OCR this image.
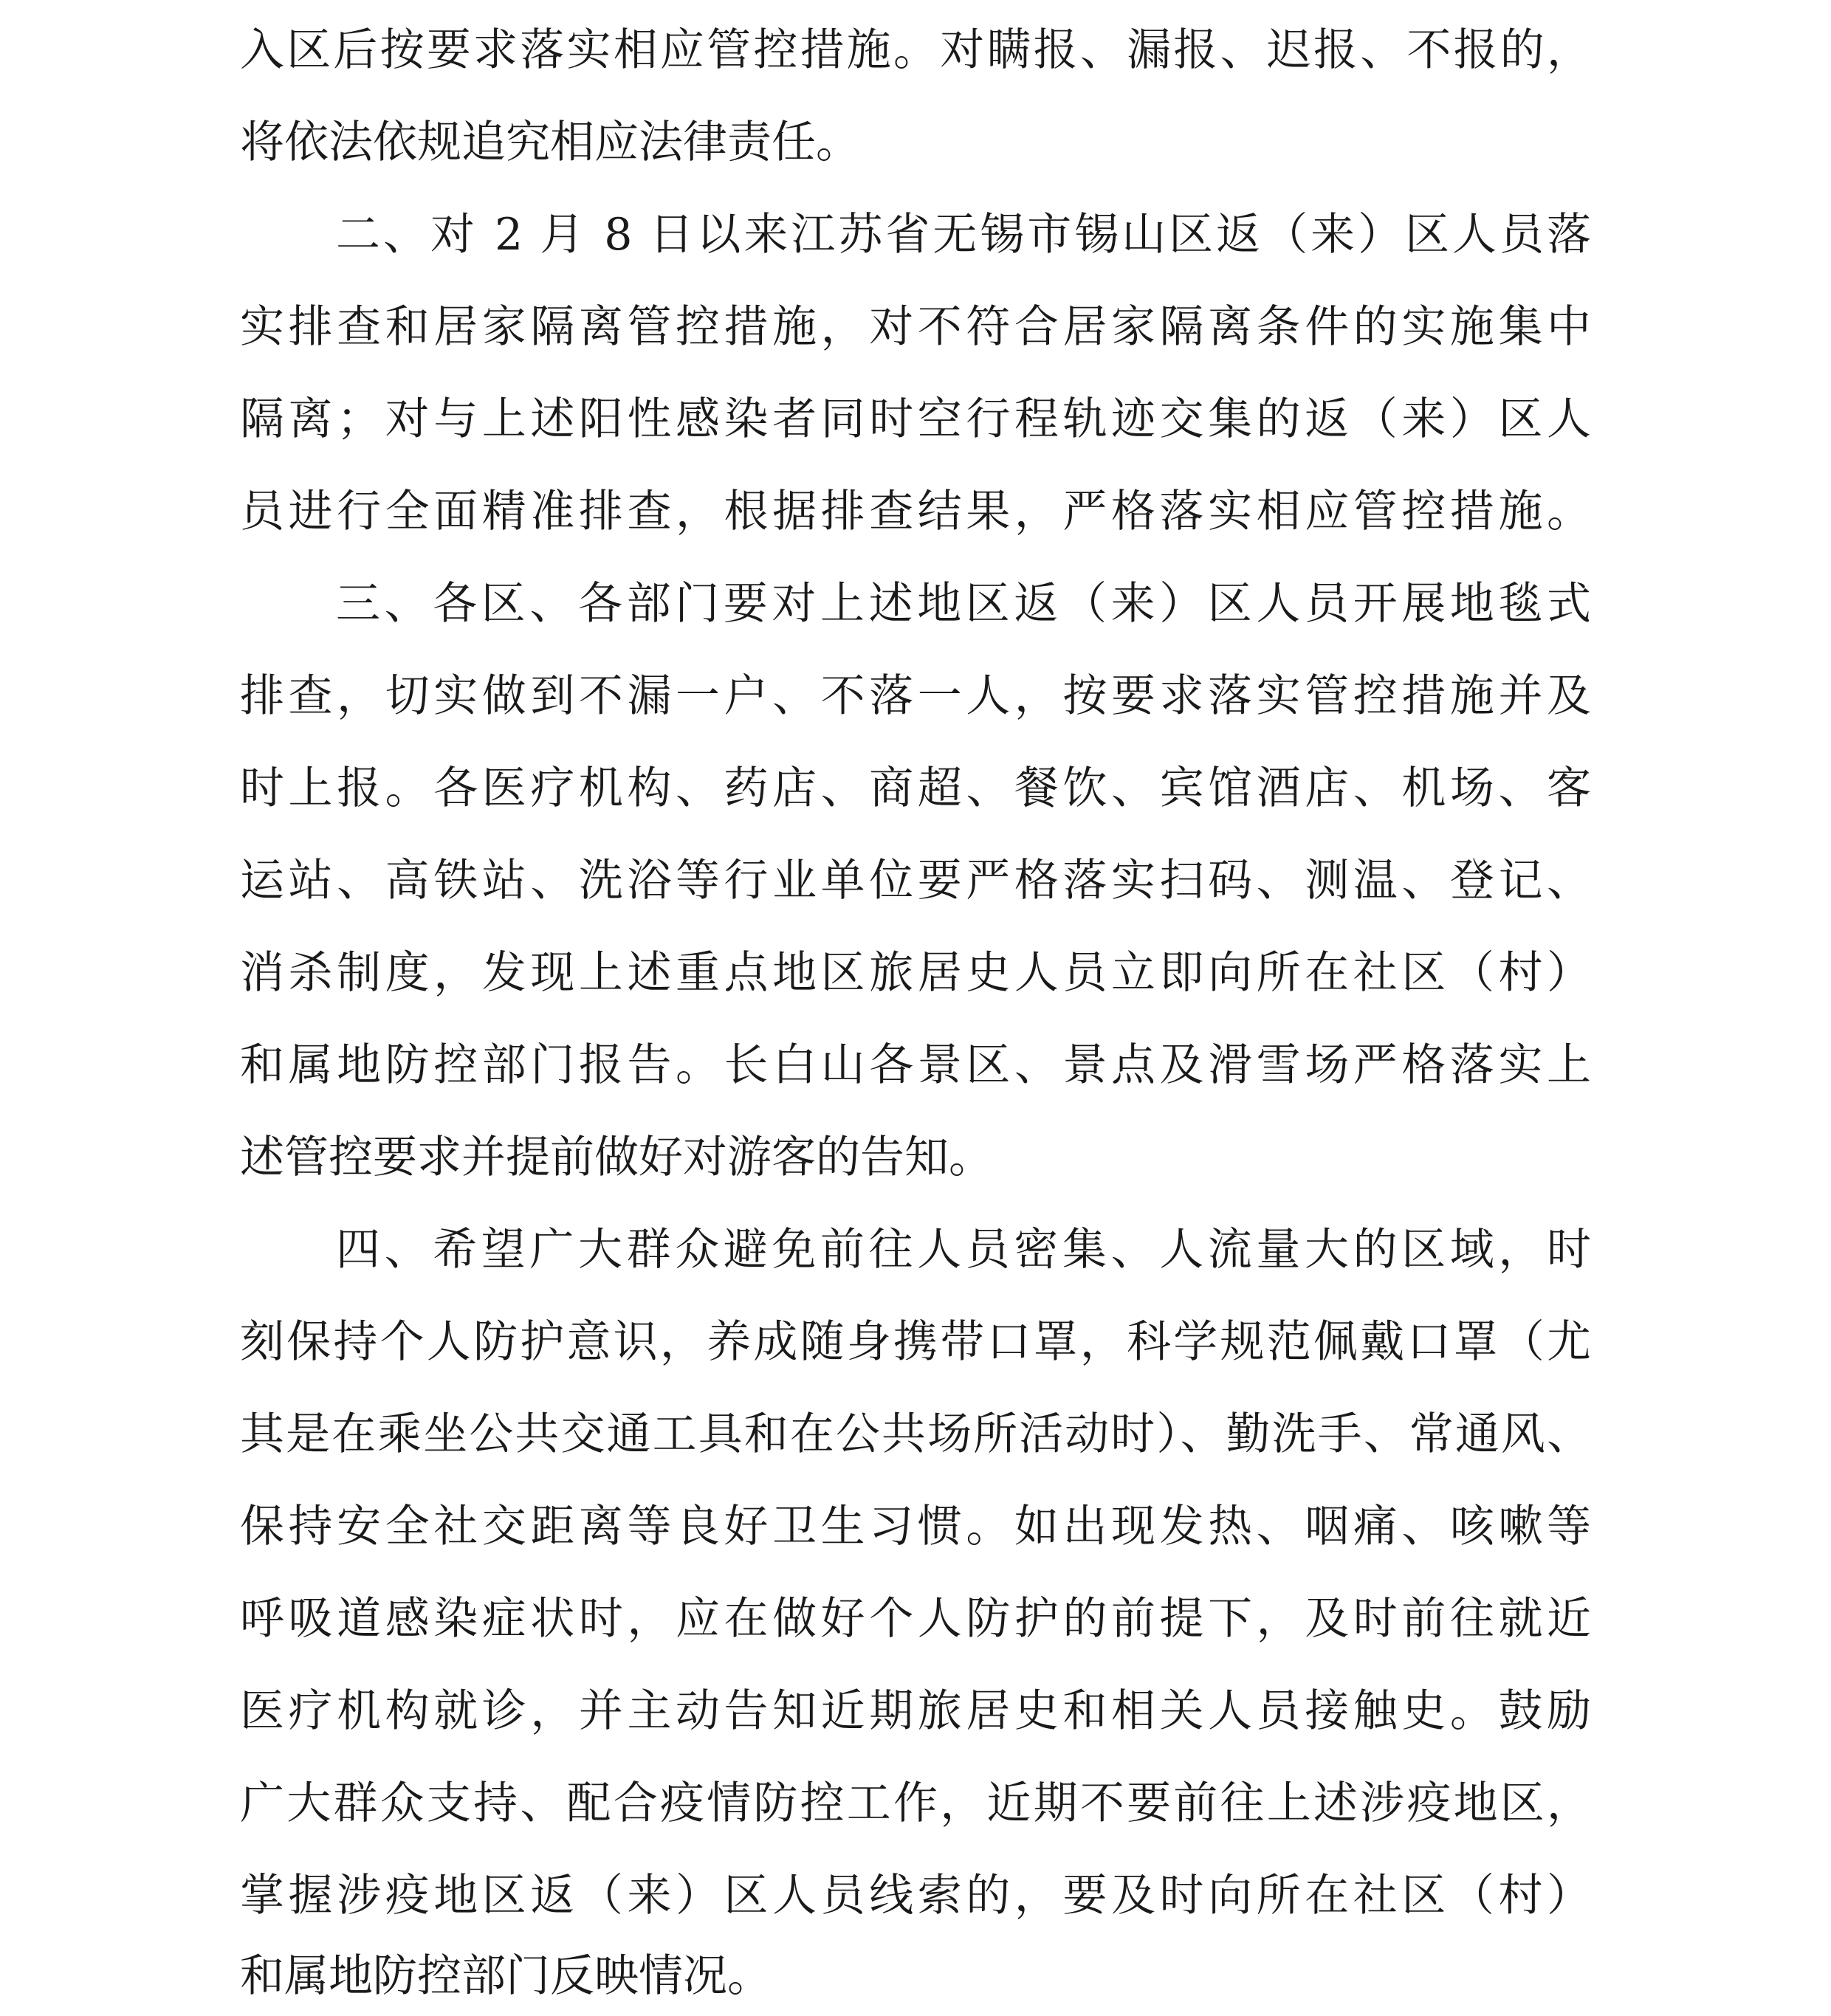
入区后按要求落实相应管控措施。对瞒报、漏报、迟报、不报的，
将依法依规追究相应法律责任。
二、对 2 月 8 日以来江苏省无锡市锡山区返（来）区人员落
实排查和居家隔离管控措施，对不符合居家隔离条件的实施集中
隔离；对与上述阳性感染者同时空行程轨迹交集的返（来）区人
员进行全面精准排查，根据排查结果，严格落实相应管控措施。
三、各区、各部门要对上述地区返（来）区人员开展地毯式
排查，切实做到不漏一户、不落一人，按要求落实管控措施并及
时上报。各医疗机构、药店、商超、餐饮、宾馆酒店、机场、客
运站、高铁站、洗浴等行业单位要严格落实扫码、测温、登记、
消杀制度，发现上述重点地区旅居史人员立即向所在社区（村）
和属地防控部门报告。长白山各景区、景点及滑雪场严格落实上
述管控要求并提前做好对游客的告知。
四、希望广大群众避免前往人员密集、人流量大的区域，时
刻保持个人防护意识，养成随身携带口罩，科学规范佩戴口罩（尤
其是在乘坐公共交通工具和在公共场所活动时）、勤洗手、常通风、
保持安全社交距离等良好卫生习惯。如出现发热、咽痛、咳嗽等
呼吸道感染症状时，应在做好个人防护的前提下，及时前往就近
医疗机构就诊，并主动告知近期旅居史和相关人员接触史。鼓励
广大群众支持、配合疫情防控工作，近期不要前往上述涉疫地区，
掌握涉疫地区返（来）区人员线索的，要及时向所在社区（村）
和属地防控部门反映情况。
